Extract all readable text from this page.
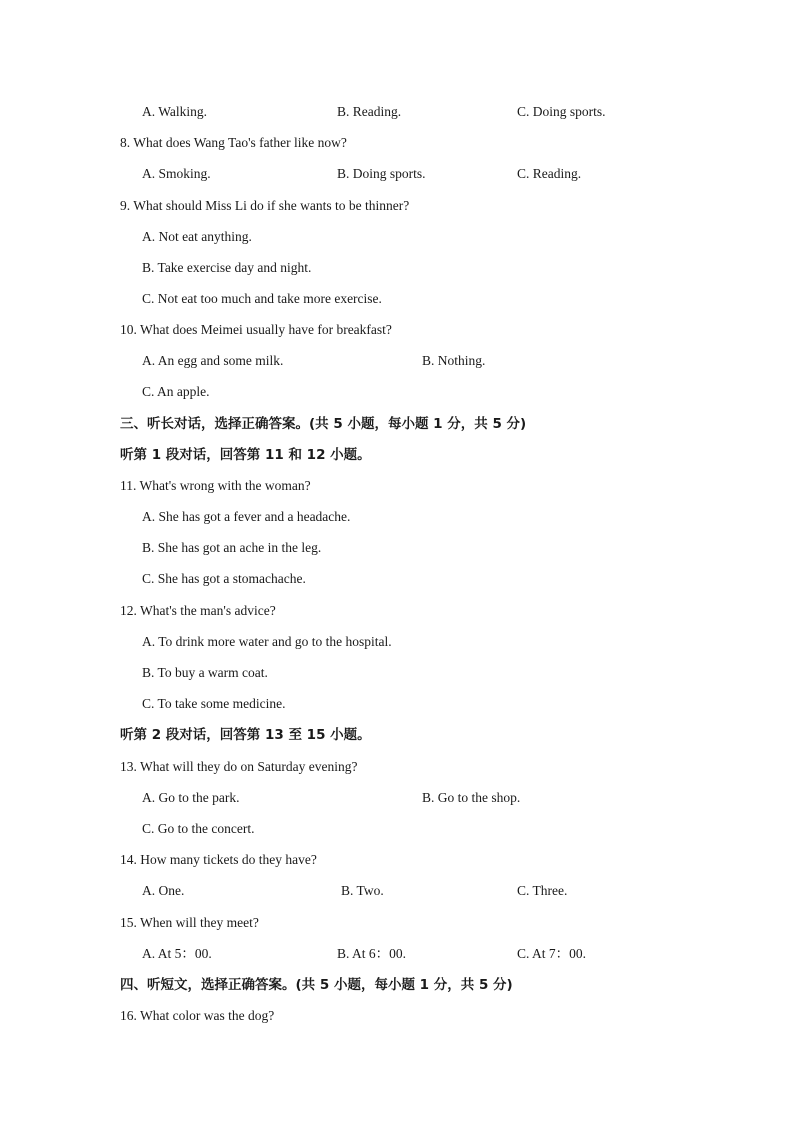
A. Walking.	B. Reading.	C. Doing sports.
8. What does Wang Tao's father like now?
A. Smoking.	B. Doing sports.	C. Reading.
9. What should Miss Li do if she wants to be thinner?
A. Not eat anything.
B. Take exercise day and night.
C. Not eat too much and take more exercise.
10. What does Meimei usually have for breakfast?
A. An egg and some milk.	B. Nothing.
C. An apple.
三、听长对话，选择正确答案。(共 5 小题，每小题 1 分，共 5 分)
听第 1 段对话，回答第 11 和 12 小题。
11. What's wrong with the woman?
A. She has got a fever and a headache.
B. She has got an ache in the leg.
C. She has got a stomachache.
12. What's the man's advice?
A. To drink more water and go to the hospital.
B. To buy a warm coat.
C. To take some medicine.
听第 2 段对话，回答第 13 至 15 小题。
13. What will they do on Saturday evening?
A. Go to the park.	B. Go to the shop.
C. Go to the concert.
14. How many tickets do they have?
A. One.	B. Two.	C. Three.
15. When will they meet?
A. At 5：00.	B. At 6：00.	C. At 7：00.
四、听短文，选择正确答案。(共 5 小题，每小题 1 分，共 5 分)
16. What color was the dog?
